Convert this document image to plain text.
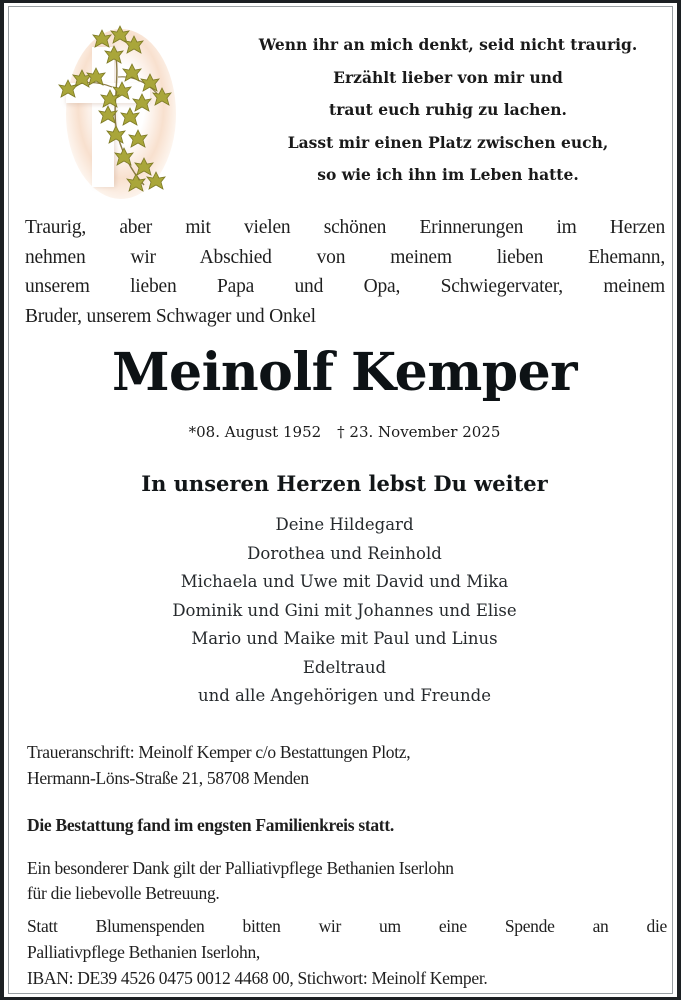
Wenn ihr an mich denkt, seid nicht traurig.
Erzählt lieber von mir und
traut euch ruhig zu lachen.
Lasst mir einen Platz zwischen euch,
so wie ich ihn im Leben hatte.
Traurig, aber mit vielen schönen Erinnerungen im Herzen
nehmen wir Abschied von meinem lieben Ehemann,
unserem lieben Papa und Opa, Schwiegervater, meinem
Bruder, unserem Schwager und Onkel
Meinolf Kemper
*08. August 1952 † 23. November 2025
In unseren Herzen lebst Du weiter
Deine Hildegard
Dorothea und Reinhold
Michaela und Uwe mit David und Mika
Dominik und Gini mit Johannes und Elise
Mario und Maike mit Paul und Linus
Edeltraud
und alle Angehörigen und Freunde
Traueranschrift: Meinolf Kemper c/o Bestattungen Plotz,
Hermann-Löns-Straße 21, 58708 Menden
Die Bestattung fand im engsten Familienkreis statt.
Ein besonderer Dank gilt der Palliativpflege Bethanien Iserlohn
für die liebevolle Betreuung.
Statt Blumenspenden bitten wir um eine Spende an die
Palliativpflege Bethanien Iserlohn,
IBAN: DE39 4526 0475 0012 4468 00, Stichwort: Meinolf Kemper.
